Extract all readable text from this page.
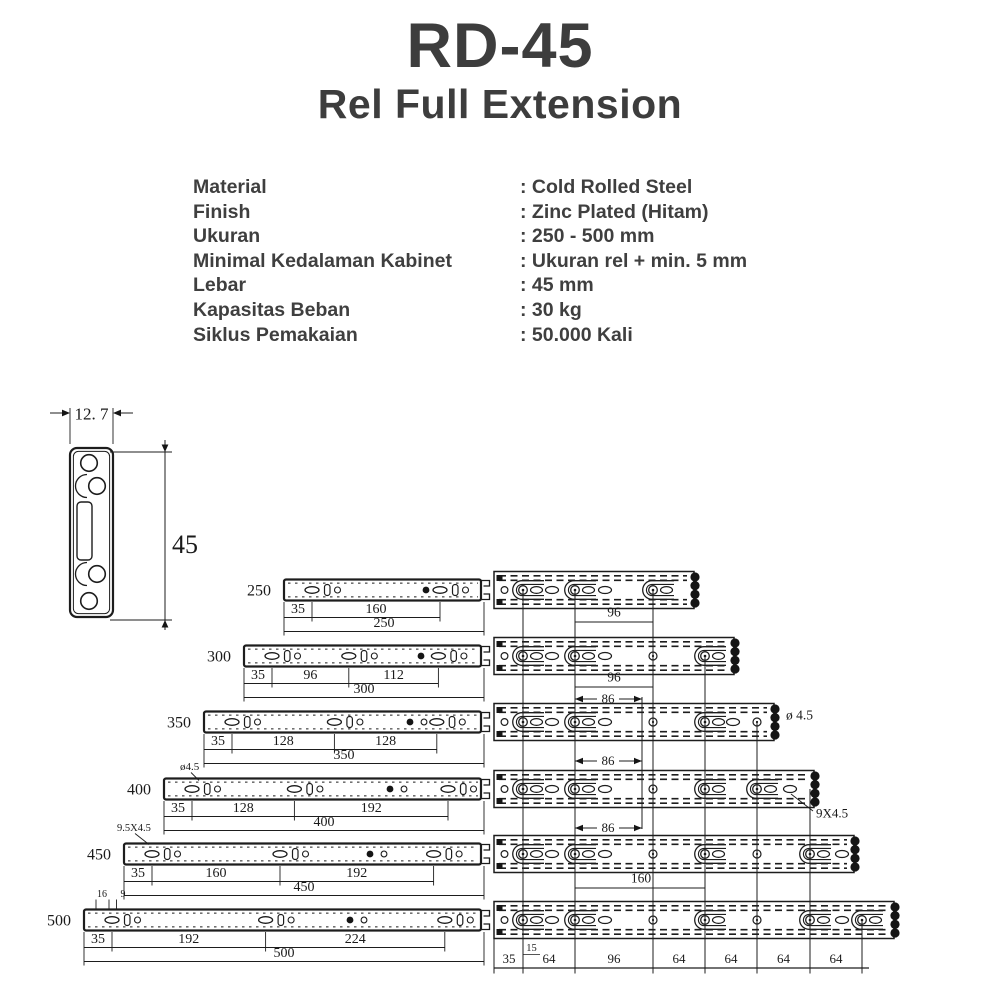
RD-45
Rel Full Extension
Material	: Cold Rolled Steel
Finish	: Zinc Plated (Hitam)
Ukuran	: 250 - 500 mm
Minimal Kedalaman Kabinet	: Ukuran rel + min. 5 mm
Lebar	: 45 mm
Kapasitas Beban	: 30 kg
Siklus Pemakaian	: 50.000 Kali
12. 7
45
35	160
250
250
35	96	112
300
300
35	128	128
350
350
35	128	192
400
400
35	160	192
450
450
35	192	224
500
500
96
96
86
86
86
160
35 64	96	64	64	64	64
15
ø4.5
9.5X4.5
16 9
ø 4.5
9X4.5
